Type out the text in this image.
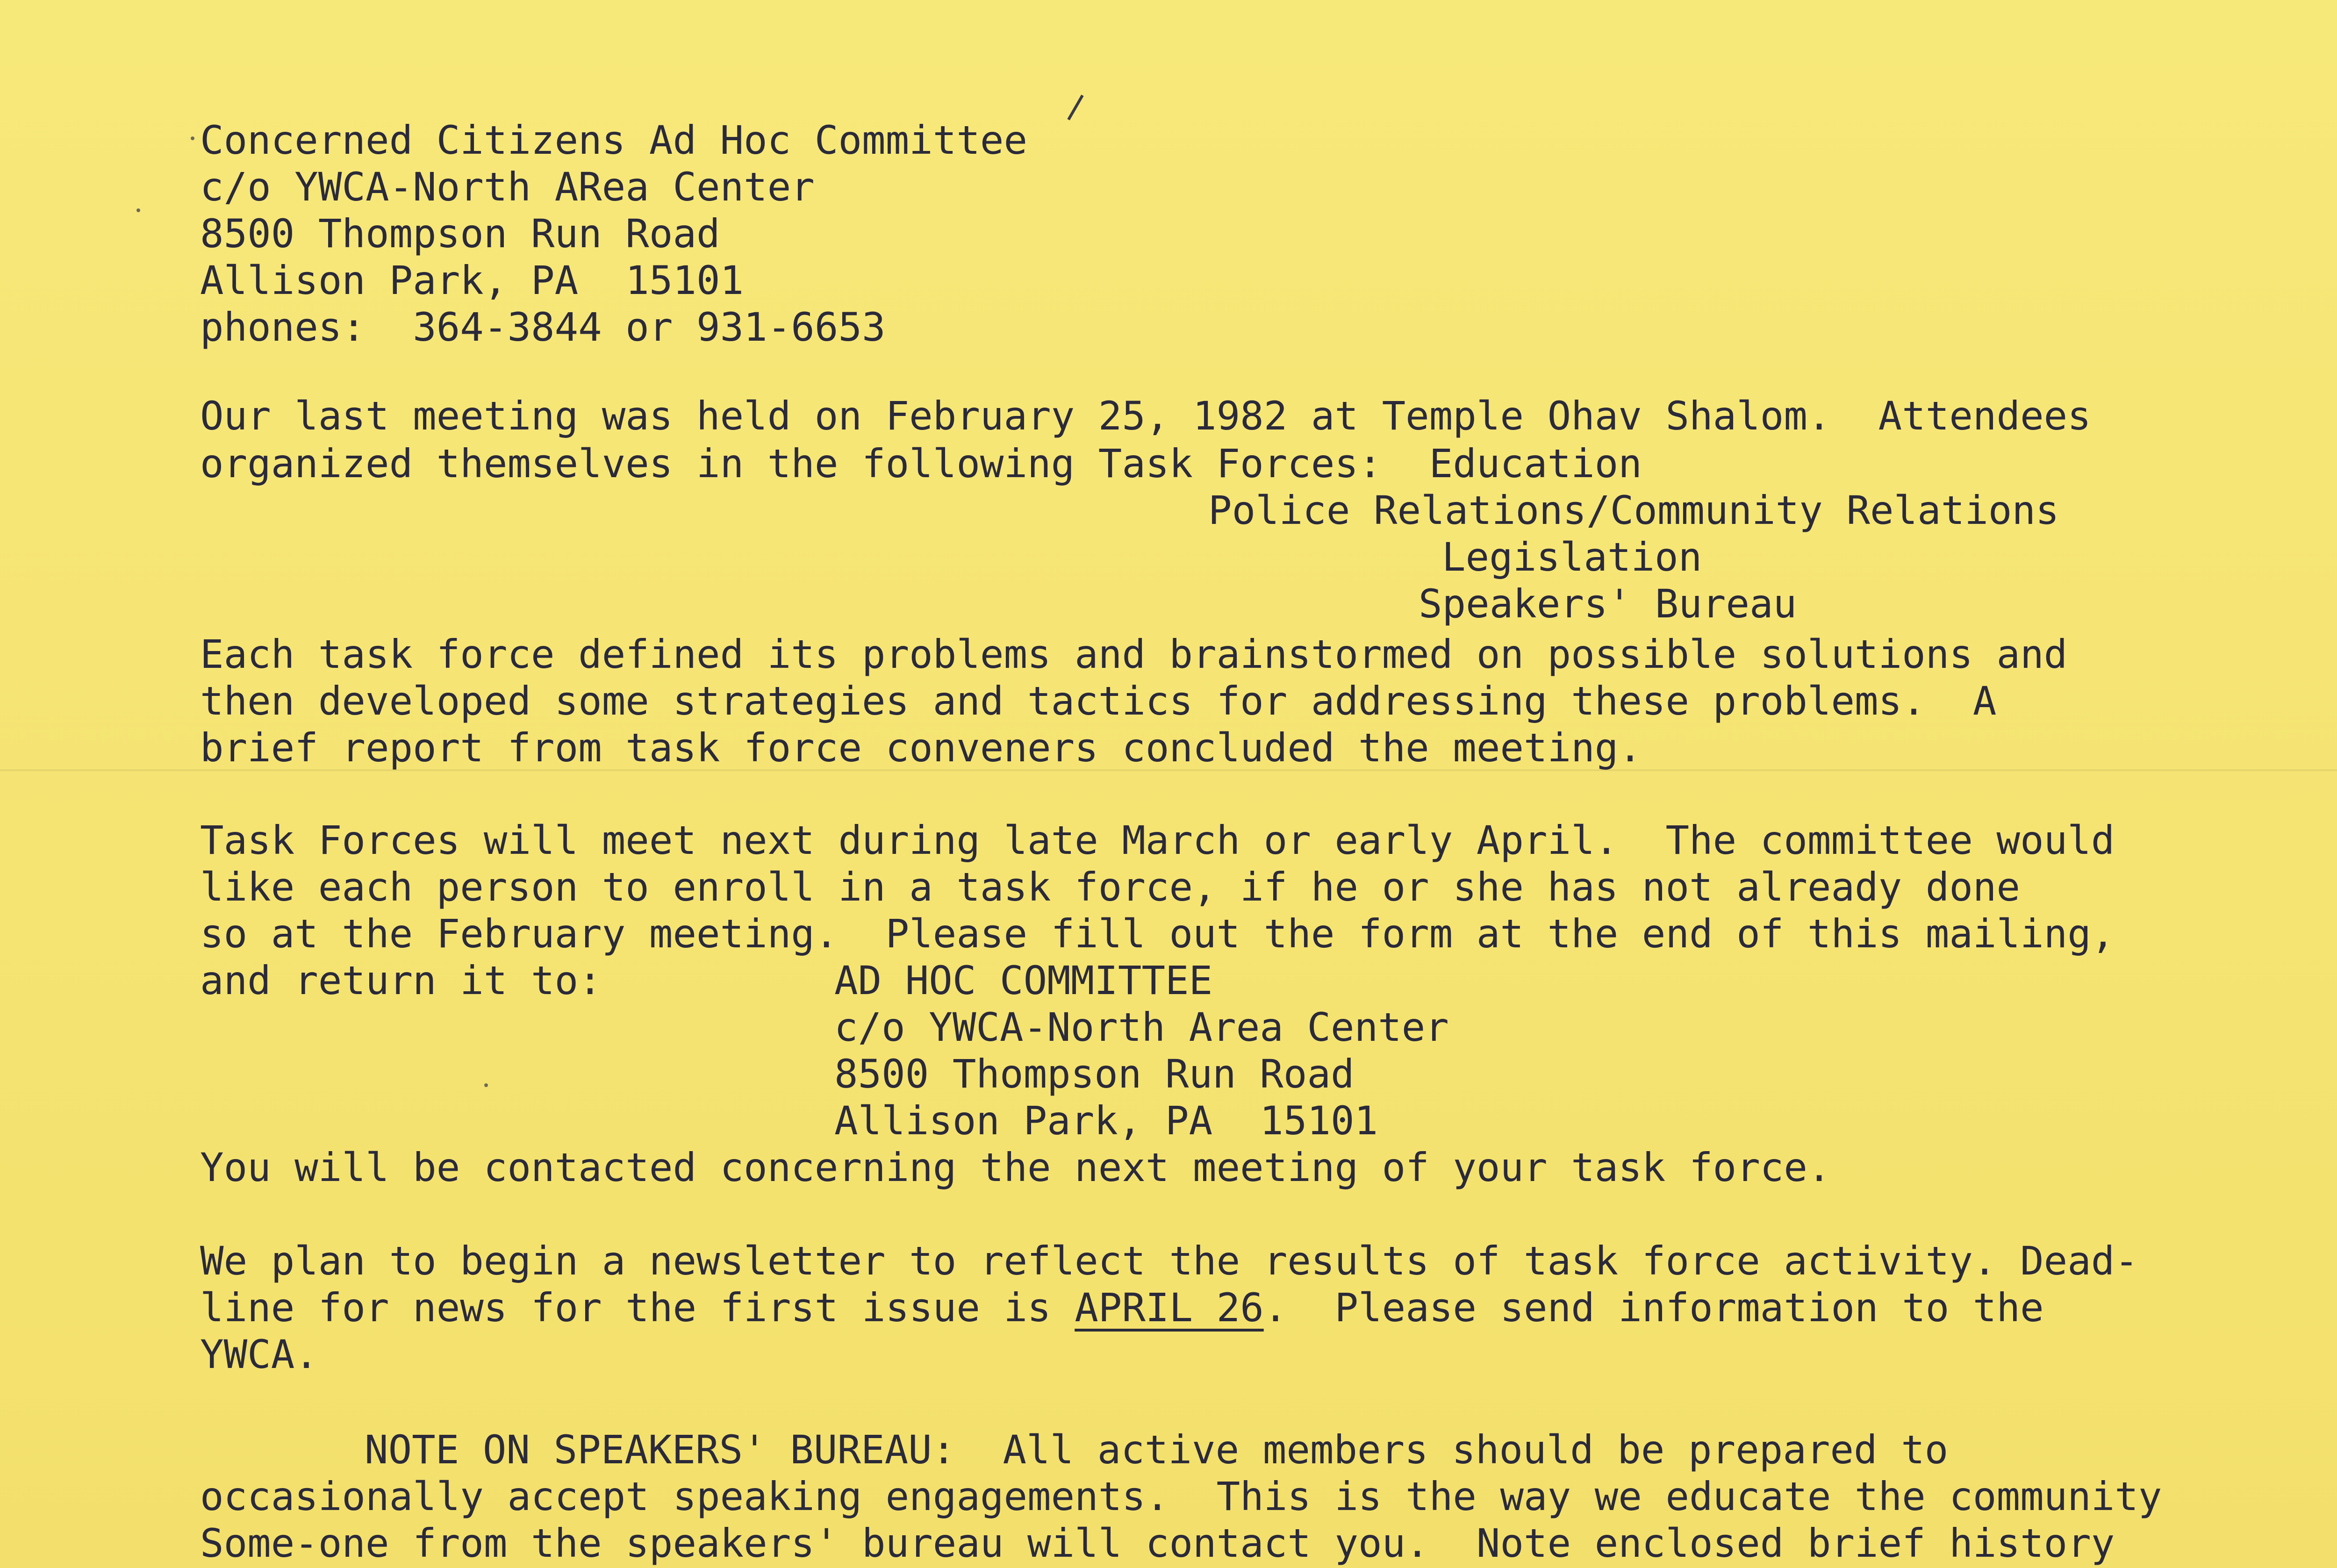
Concerned Citizens Ad Hoc Committee
c/o YWCA-North ARea Center
8500 Thompson Run Road
Allison Park, PA  15101
phones:  364-3844 or 931-6653
Our last meeting was held on February 25, 1982 at Temple Ohav Shalom.  Attendees
organized themselves in the following Task Forces:  Education
Police Relations/Community Relations
Legislation
Speakers' Bureau
Each task force defined its problems and brainstormed on possible solutions and
then developed some strategies and tactics for addressing these problems.  A
brief report from task force conveners concluded the meeting.
Task Forces will meet next during late March or early April.  The committee would
like each person to enroll in a task force, if he or she has not already done
so at the February meeting.  Please fill out the form at the end of this mailing,
and return it to:	AD HOC COMMITTEE
c/o YWCA-North Area Center
8500 Thompson Run Road
Allison Park, PA  15101
You will be contacted concerning the next meeting of your task force.
We plan to begin a newsletter to reflect the results of task force activity. Dead-
line for news for the first issue is APRIL 26.  Please send information to the
YWCA.
NOTE ON SPEAKERS' BUREAU:  All active members should be prepared to
occasionally accept speaking engagements.  This is the way we educate the community
Some-one from the speakers' bureau will contact you.  Note enclosed brief history
